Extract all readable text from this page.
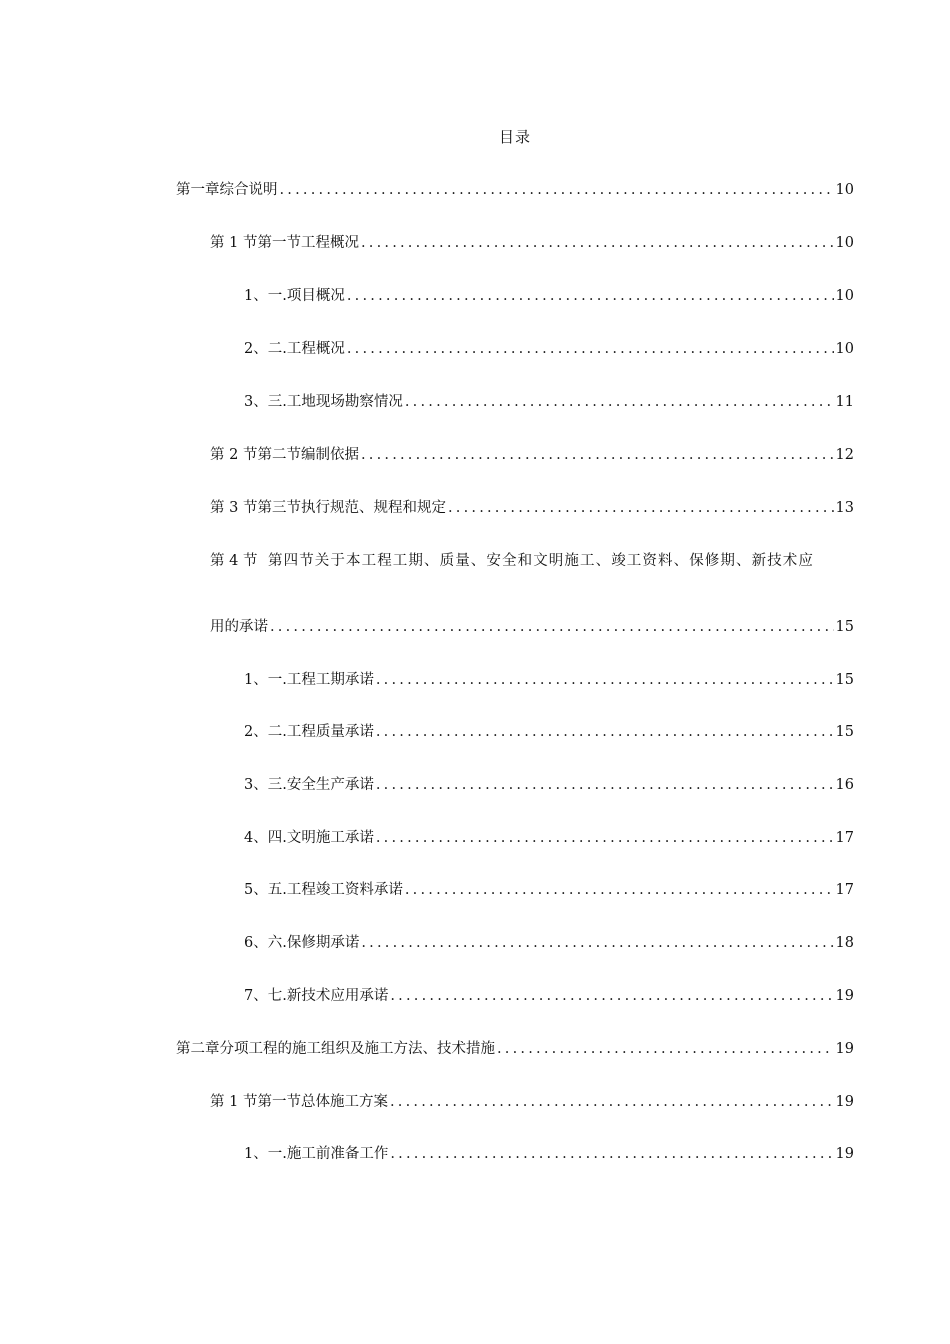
目录
第一章 综合说明 .....	10
第 1 节 第一节工程概况 .....	10
1、 一.项目概况 .....	10
2、 二.工程概况 .....	10
3、 三.工地现场勘察情况 .....	11
第 2 节 第二节编制依据 .....	12
第 3 节 第三节执行规范、规程和规定 .....	13
第 4 节 第四节关于本工程工期、质量、安全和文明施工、竣工资料、保修期、新技术应
用的承诺 .....	15
1、 一.工程工期承诺 .....	15
2、 二.工程质量承诺 .....	15
3、 三.安全生产承诺 .....	16
4、 四.文明施工承诺 .....	17
5、 五.工程竣工资料承诺 .....	17
6、 六.保修期承诺 .....	18
7、 七.新技术应用承诺 .....	19
第二章 分项工程的施工组织及施工方法、技术措施 .....	19
第 1 节 第一节总体施工方案 .....	19
1、 一.施工前准备工作 .....	19
